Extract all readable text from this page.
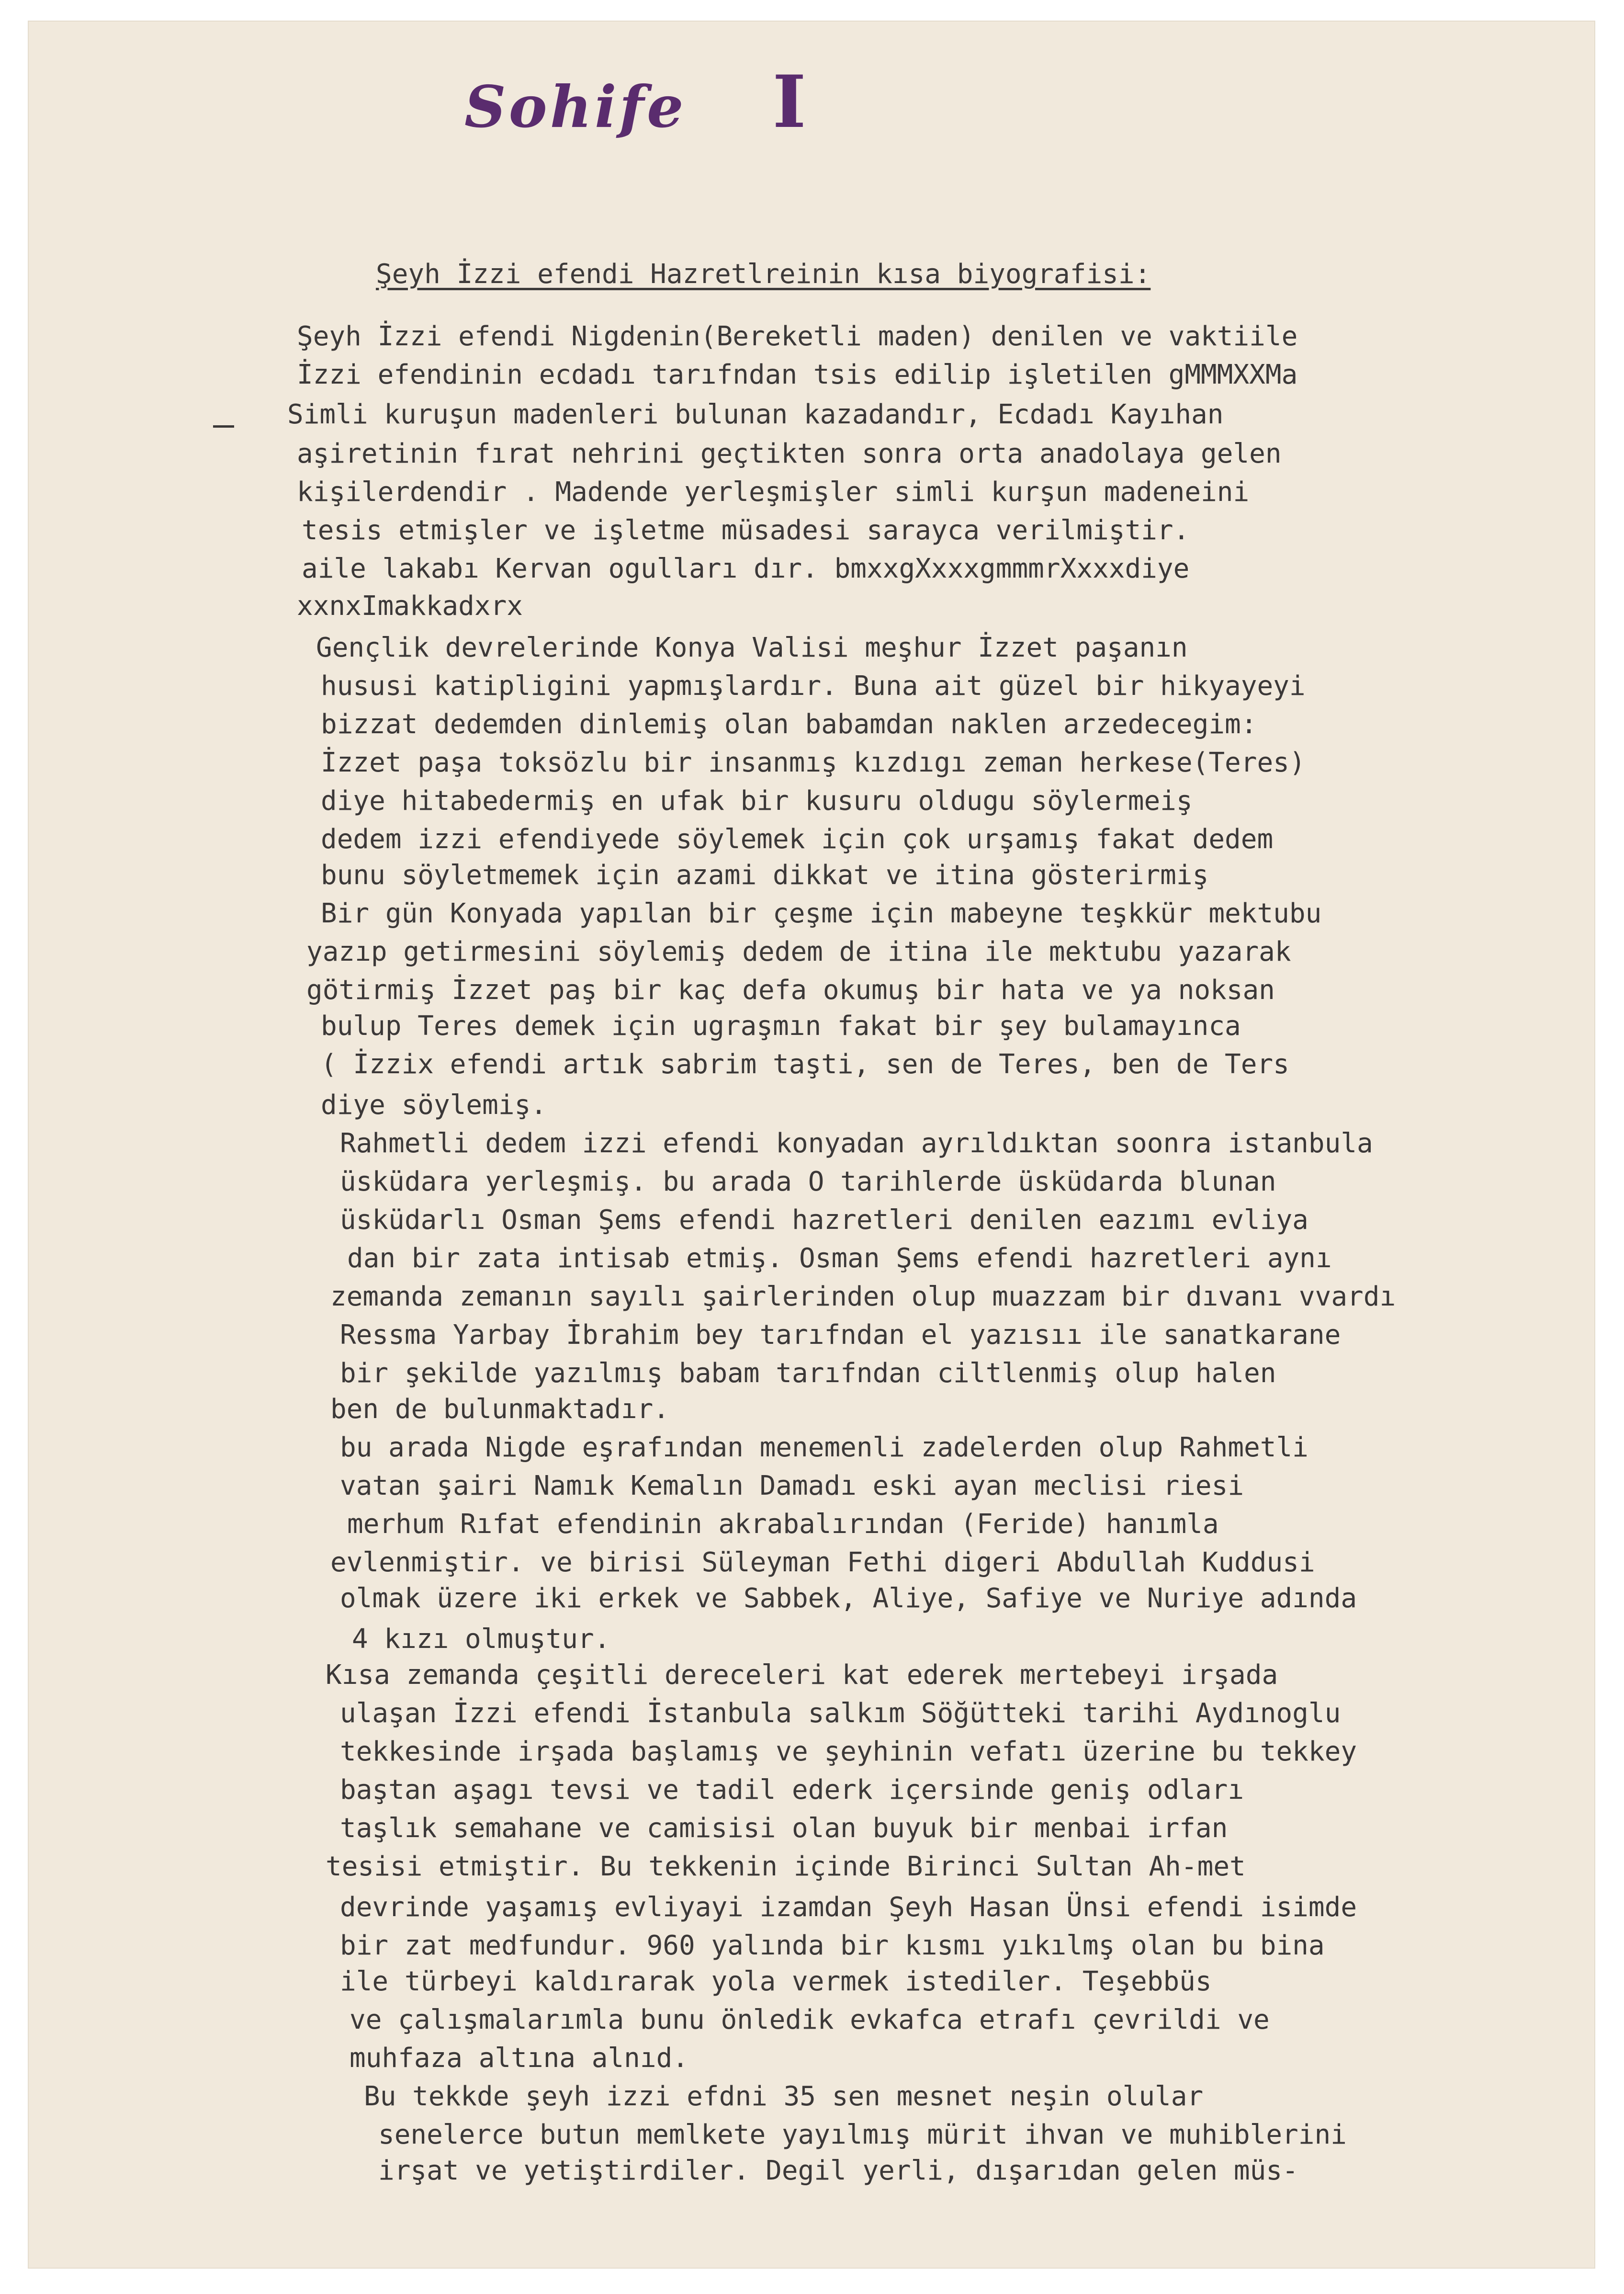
Sohife I
Şeyh İzzi efendi Hazretlreinin kısa biyografisi:
Şeyh İzzi efendi Nigdenin(Bereketli maden) denilen ve vaktiile
İzzi efendinin ecdadı tarıfndan tsis edilip işletilen gMMMXXMa
Simli kuruşun madenleri bulunan kazadandır, Ecdadı Kayıhan
aşiretinin fırat nehrini geçtikten sonra orta anadolaya gelen
kişilerdendir . Madende yerleşmişler simli kurşun madeneini
tesis etmişler ve işletme müsadesi sarayca verilmiştir.
aile lakabı Kervan ogulları dır. bmxxgXxxxgmmmrXxxxdiye
xxnxImakkadxrx
Gençlik devrelerinde Konya Valisi meşhur İzzet paşanın
hususi katipligini yapmışlardır. Buna ait güzel bir hikyayeyi
bizzat dedemden dinlemiş olan babamdan naklen arzedecegim:
İzzet paşa toksözlu bir insanmış kızdıgı zeman herkese(Teres)
diye hitabedermiş en ufak bir kusuru oldugu söylermeiş
dedem izzi efendiyede söylemek için çok urşamış fakat dedem
bunu söyletmemek için azami dikkat ve itina gösterirmiş
Bir gün Konyada yapılan bir çeşme için mabeyne teşkkür mektubu
yazıp getirmesini söylemiş dedem de itina ile mektubu yazarak
götirmiş İzzet paş bir kaç defa okumuş bir hata ve ya noksan
bulup Teres demek için ugraşmın fakat bir şey bulamayınca
( İzzix efendi artık sabrim taşti, sen de Teres, ben de Ters
diye söylemiş.
Rahmetli dedem izzi efendi konyadan ayrıldıktan soonra istanbula
üsküdara yerleşmiş. bu arada O tarihlerde üsküdarda blunan
üsküdarlı Osman Şems efendi hazretleri denilen eazımı evliya
dan bir zata intisab etmiş. Osman Şems efendi hazretleri aynı
zemanda zemanın sayılı şairlerinden olup muazzam bir dıvanı vvardı
Ressma Yarbay İbrahim bey tarıfndan el yazısıı ile sanatkarane
bir şekilde yazılmış babam tarıfndan ciltlenmiş olup halen
ben de bulunmaktadır.
bu arada Nigde eşrafından menemenli zadelerden olup Rahmetli
vatan şairi Namık Kemalın Damadı eski ayan meclisi riesi
merhum Rıfat efendinin akrabalırından (Feride) hanımla
evlenmiştir. ve birisi Süleyman Fethi digeri Abdullah Kuddusi
olmak üzere iki erkek ve Sabbek, Aliye, Safiye ve Nuriye adında
4 kızı olmuştur.
Kısa zemanda çeşitli dereceleri kat ederek mertebeyi irşada
ulaşan İzzi efendi İstanbula salkım Söğütteki tarihi Aydınoglu
tekkesinde irşada başlamış ve şeyhinin vefatı üzerine bu tekkey
baştan aşagı tevsi ve tadil ederk içersinde geniş odları
taşlık semahane ve camisisi olan buyuk bir menbai irfan
tesisi etmiştir. Bu tekkenin içinde Birinci Sultan Ah-met
devrinde yaşamış evliyayi izamdan Şeyh Hasan Ünsi efendi isimde
bir zat medfundur. 960 yalında bir kısmı yıkılmş olan bu bina
ile türbeyi kaldırarak yola vermek istediler. Teşebbüs
ve çalışmalarımla bunu önledik evkafca etrafı çevrildi ve
muhfaza altına alnıd.
Bu tekkde şeyh izzi efdni 35 sen mesnet neşin olular
senelerce butun memlkete yayılmış mürit ihvan ve muhiblerini
irşat ve yetiştirdiler. Degil yerli, dışarıdan gelen müs-
